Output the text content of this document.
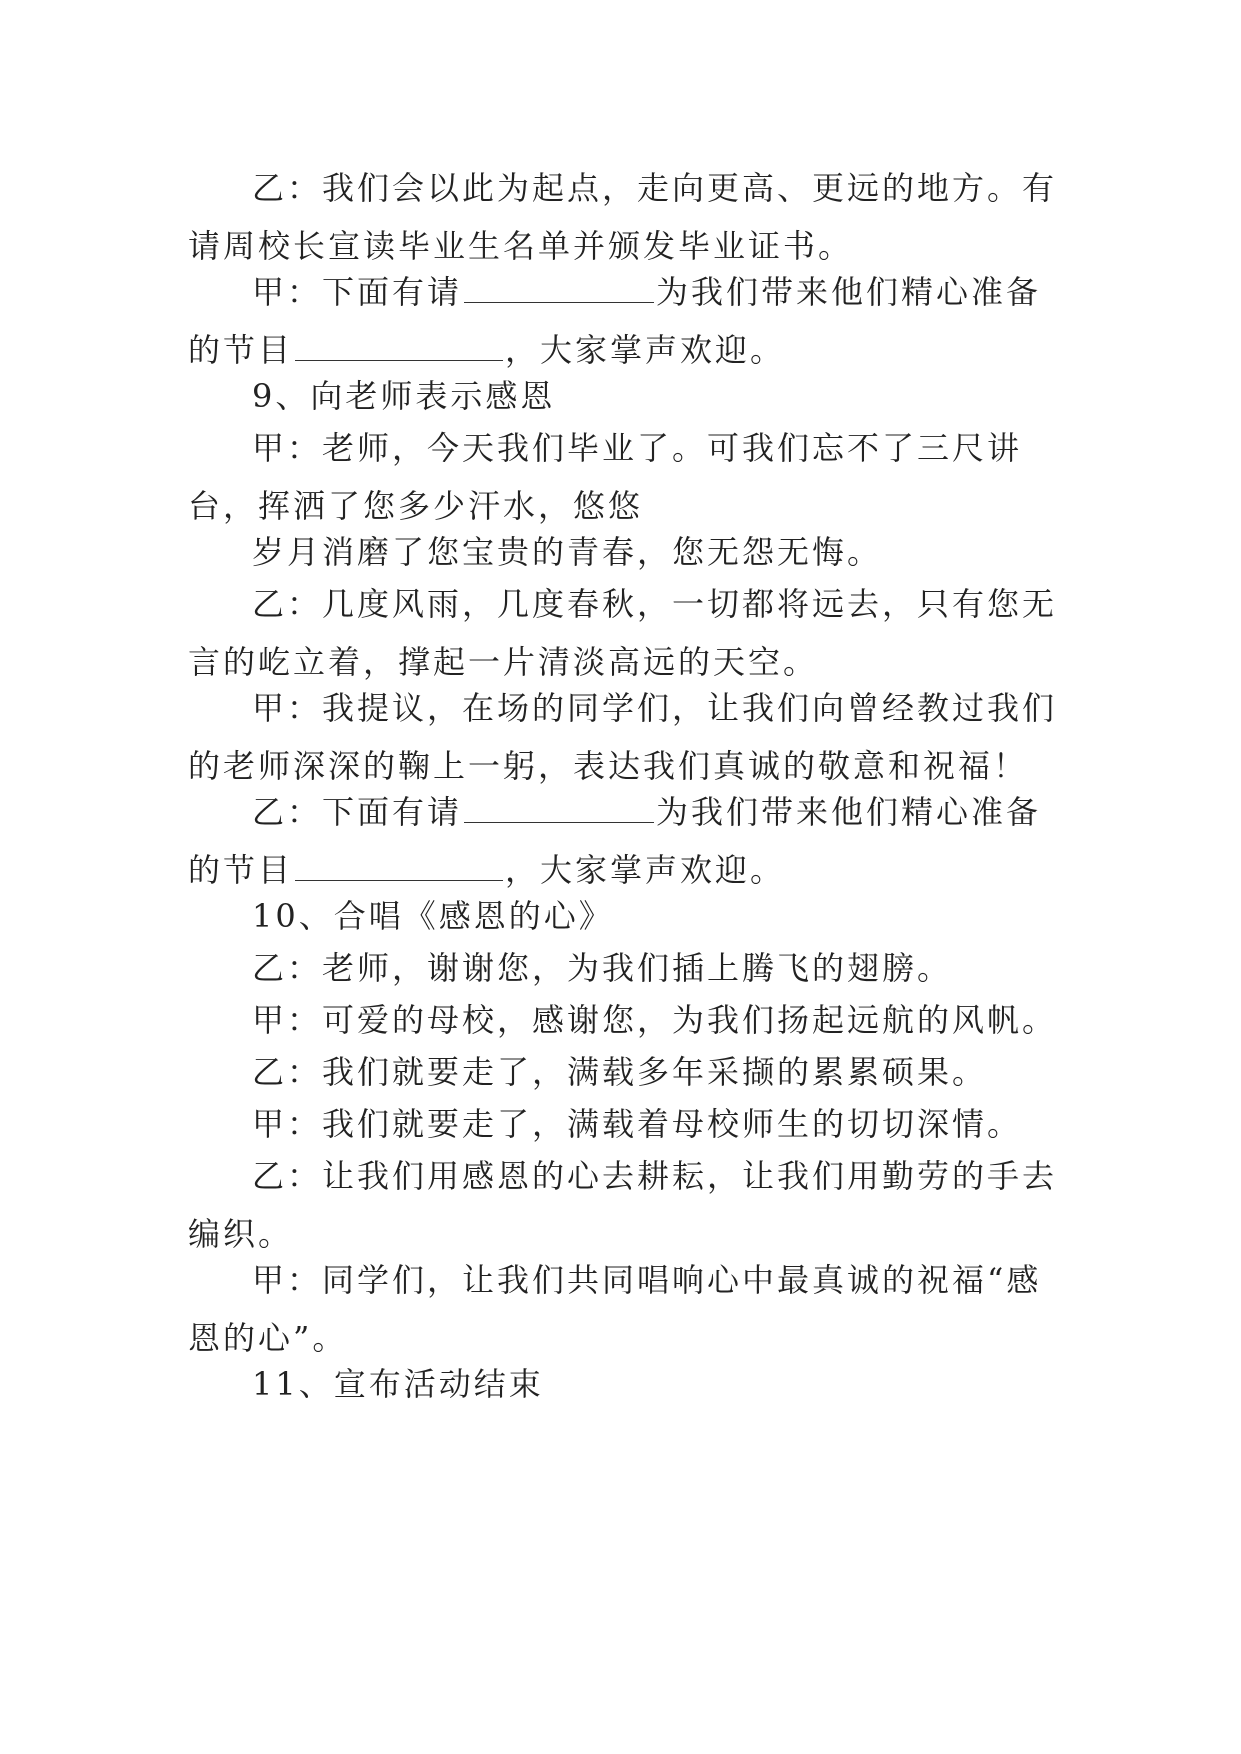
乙：我们会以此为起点，走向更高、更远的地方。有请周校长宣读毕业生名单并颁发毕业证书。

甲：下面有请	为我们带来他们精心准备的节目	，大家掌声欢迎。

9、向老师表示感恩

甲：老师，今天我们毕业了。可我们忘不了三尺讲台，挥洒了您多少汗水，悠悠

岁月消磨了您宝贵的青春，您无怨无悔。

乙：几度风雨，几度春秋，一切都将远去，只有您无言的屹立着，撑起一片清淡高远的天空。

甲：我提议，在场的同学们，让我们向曾经教过我们的老师深深的鞠上一躬，表达我们真诚的敬意和祝福！

乙：下面有请	为我们带来他们精心准备的节目	，大家掌声欢迎。

10、合唱《感恩的心》

乙：老师，谢谢您，为我们插上腾飞的翅膀。

甲：可爱的母校，感谢您，为我们扬起远航的风帆。

乙：我们就要走了，满载多年采撷的累累硕果。

甲：我们就要走了，满载着母校师生的切切深情。

乙：让我们用感恩的心去耕耘，让我们用勤劳的手去编织。

甲：同学们，让我们共同唱响心中最真诚的祝福“感恩的心”。

11、宣布活动结束
